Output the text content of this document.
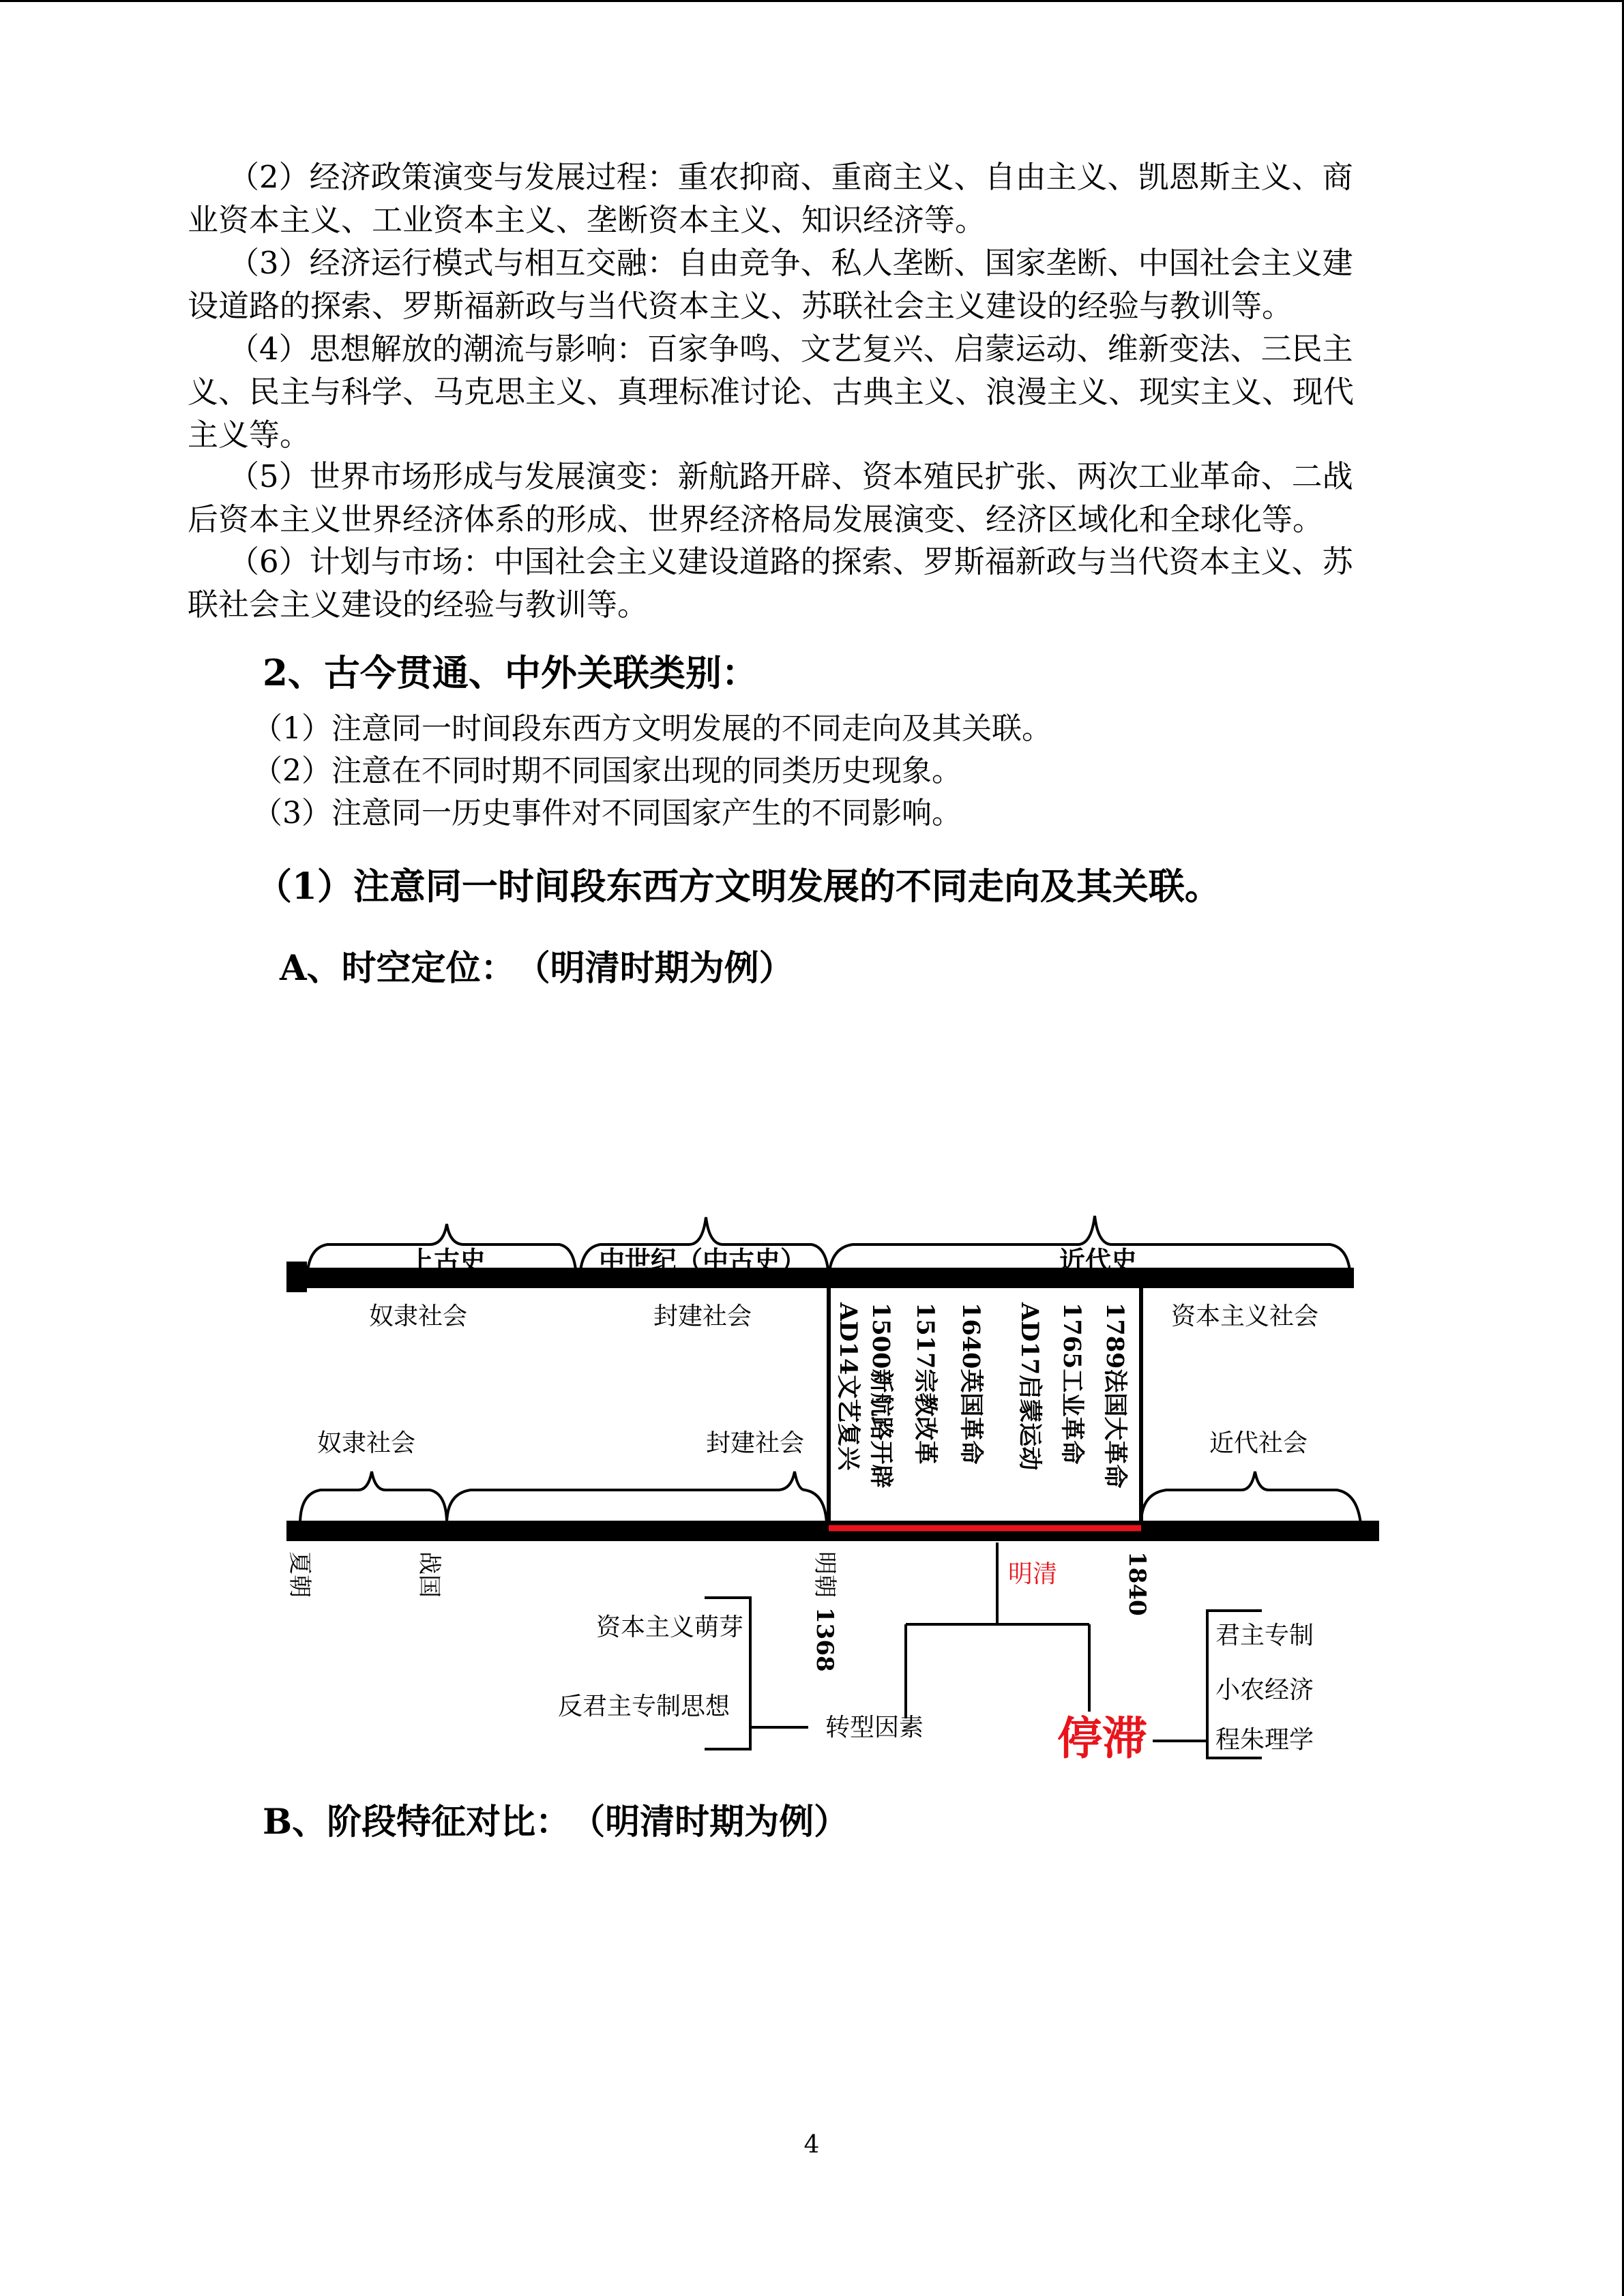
（2）经济政策演变与发展过程：重农抑商、重商主义、自由主义、凯恩斯主义、商
业资本主义、工业资本主义、垄断资本主义、知识经济等。
（3）经济运行模式与相互交融：自由竞争、私人垄断、国家垄断、中国社会主义建
设道路的探索、罗斯福新政与当代资本主义、苏联社会主义建设的经验与教训等。
（4）思想解放的潮流与影响：百家争鸣、文艺复兴、启蒙运动、维新变法、三民主
义、民主与科学、马克思主义、真理标准讨论、古典主义、浪漫主义、现实主义、现代
主义等。
（5）世界市场形成与发展演变：新航路开辟、资本殖民扩张、两次工业革命、二战
后资本主义世界经济体系的形成、世界经济格局发展演变、经济区域化和全球化等。
（6）计划与市场：中国社会主义建设道路的探索、罗斯福新政与当代资本主义、苏
联社会主义建设的经验与教训等。

2、古今贯通、中外关联类别：

（1）注意同一时间段东西方文明发展的不同走向及其关联。

（2）注意在不同时期不同国家出现的同类历史现象。

（3）注意同一历史事件对不同国家产生的不同影响。

（1）注意同一时间段东西方文明发展的不同走向及其关联。

A、时空定位：　（明清时期为例）

上古史	中世纪（中古史）	近代史
奴隶社会	封建社会	资本主义社会
AD14文艺复兴 1500新航路开辟 1517宗教改革 1640英国革命 AD17启蒙运动 1765工业革命 1789法国大革命
奴隶社会	封建社会	近代社会
夏朝	战国	明朝
1368
1840
明清
资本主义萌芽
反君主专制思想
转型因素	停滞
君主专制
小农经济
程朱理学

B、阶段特征对比：　（明清时期为例）

4
